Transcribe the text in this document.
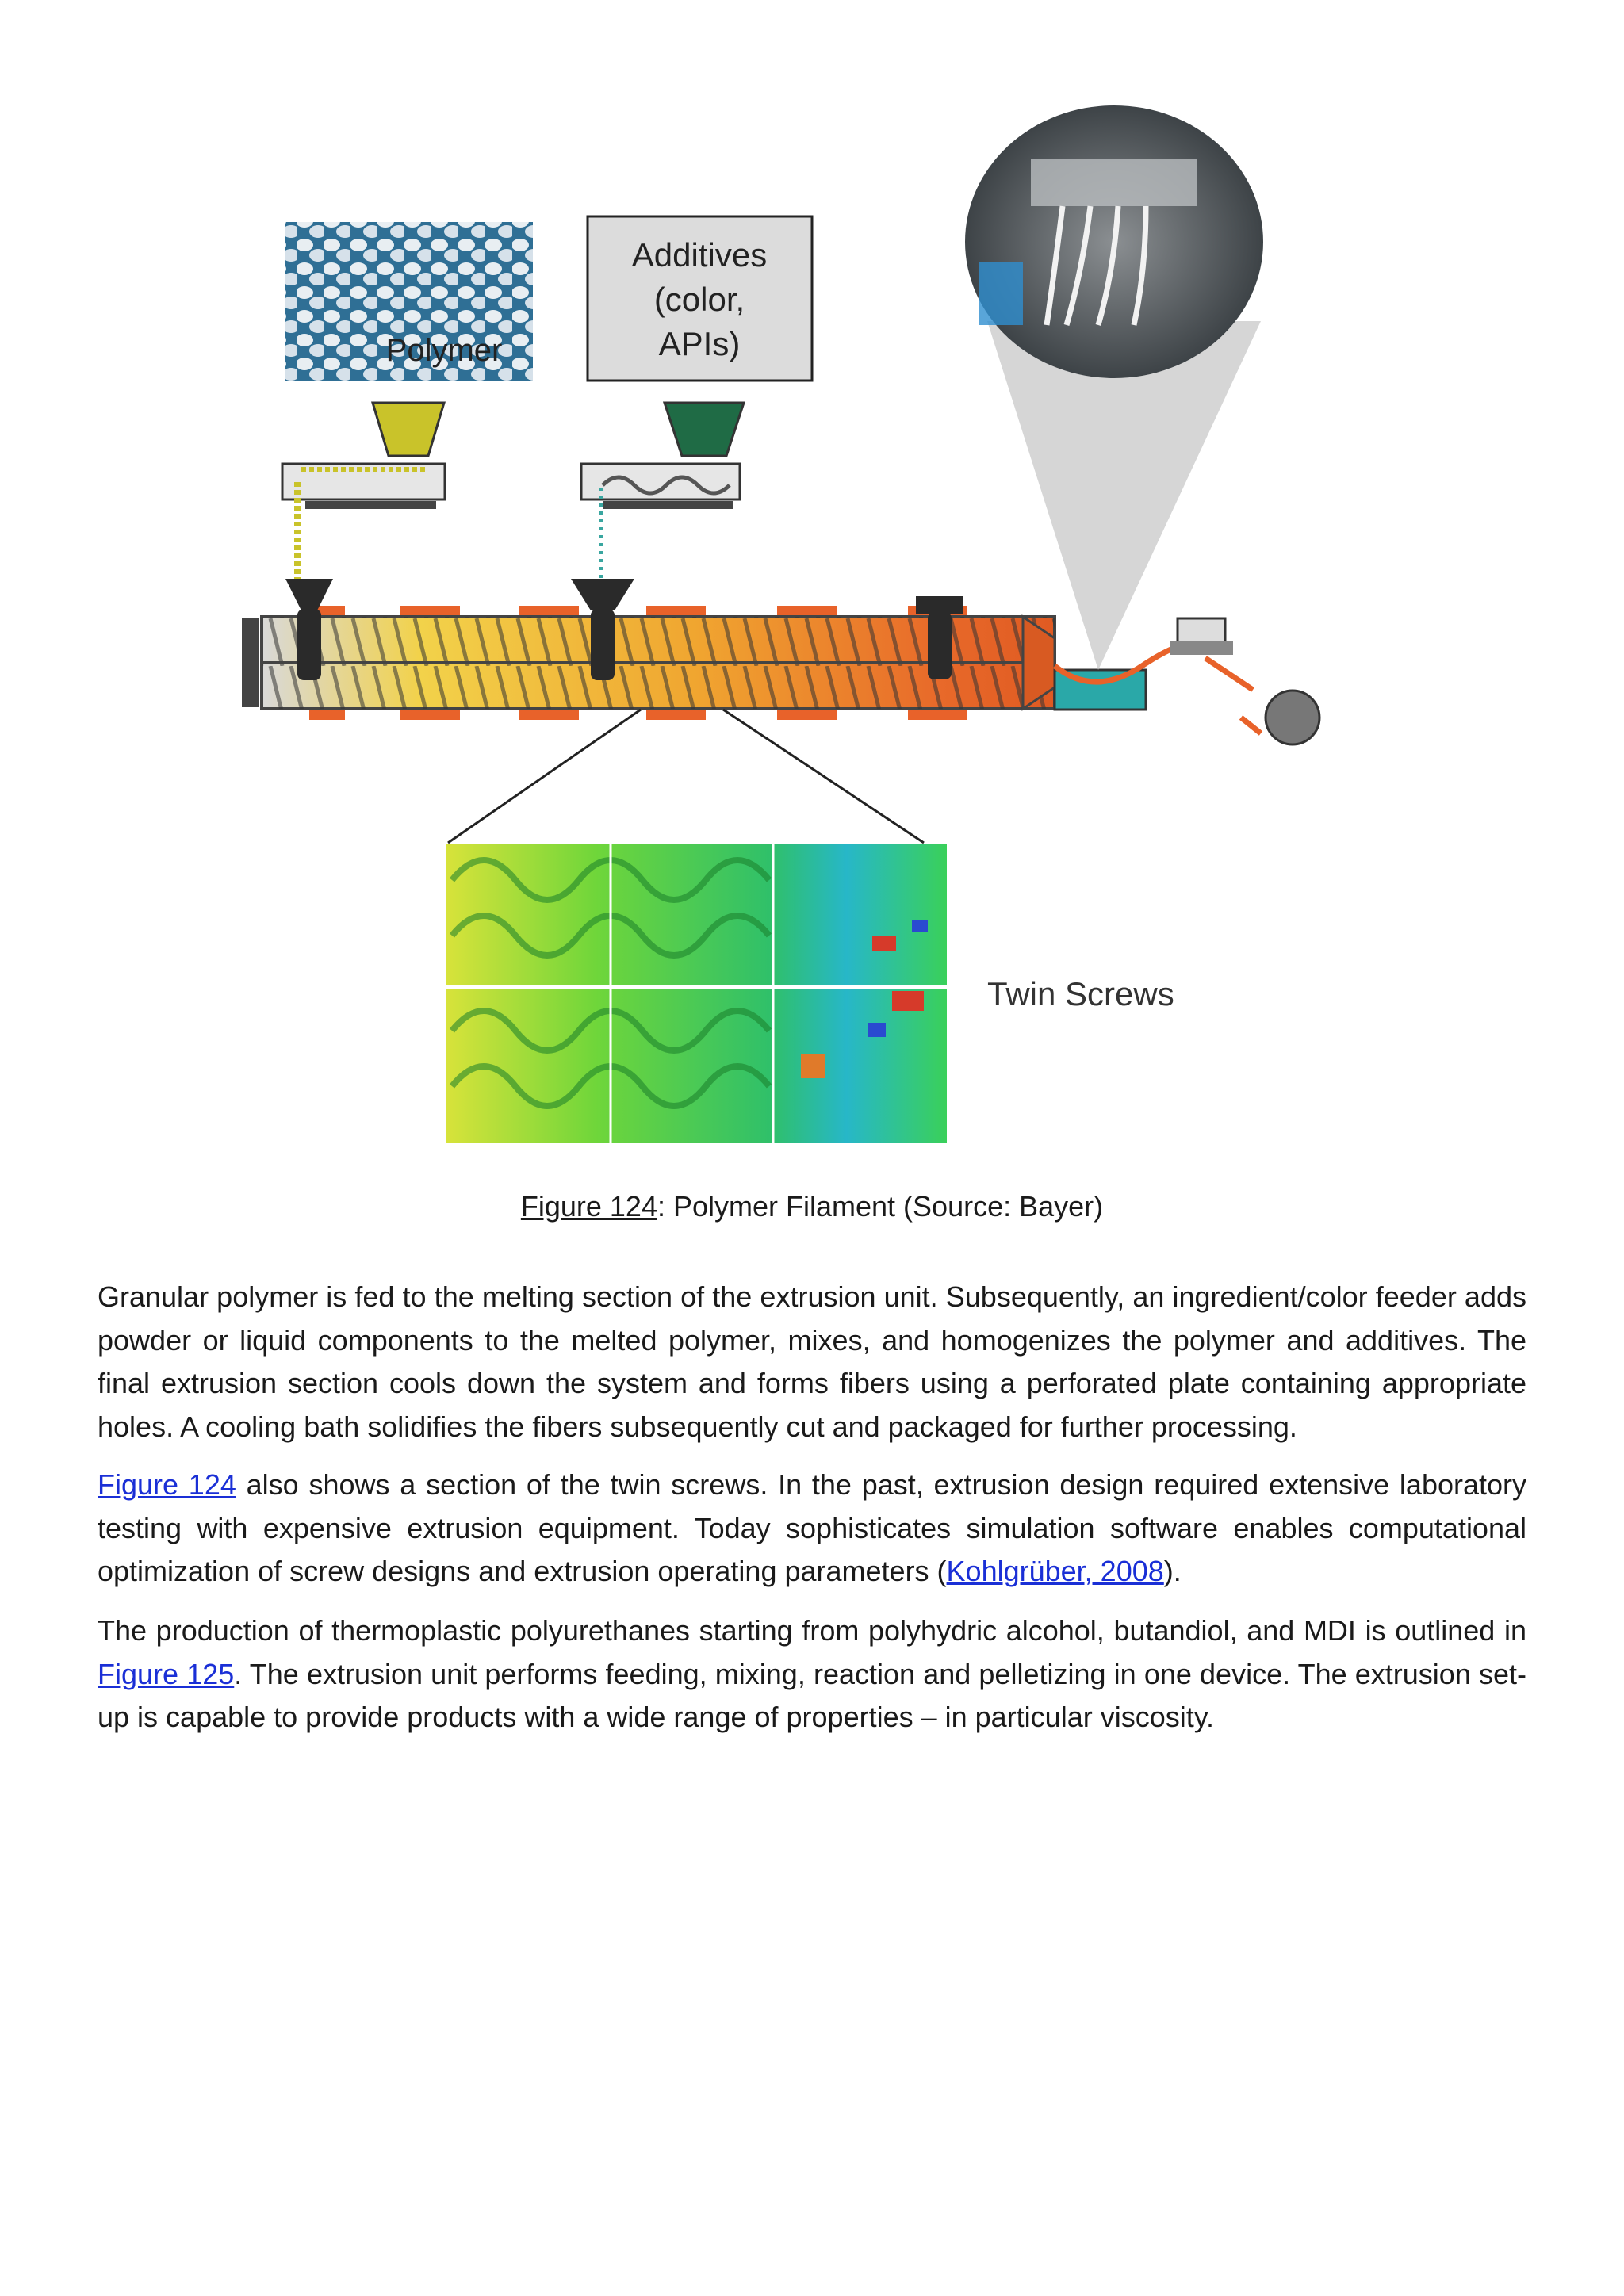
Polymer
Additives
(color,
APIs)
Twin Screws
Figure 124: Polymer Filament (Source: Bayer)

Granular polymer is fed to the melting section of the extrusion unit. Subsequently, an ingredient/color feeder adds powder or liquid components to the melted polymer, mixes, and homogenizes the polymer and additives. The final extrusion section cools down the system and forms fibers using a perforated plate containing appropriate holes. A cooling bath solidifies the fibers subsequently cut and packaged for further processing.

Figure 124 also shows a section of the twin screws. In the past, extrusion design required extensive laboratory testing with expensive extrusion equipment. Today sophisticates simulation software enables computational optimization of screw designs and extrusion operating parameters (Kohlgrüber, 2008).

The production of thermoplastic polyurethanes starting from polyhydric alcohol, butandiol, and MDI is outlined in Figure 125. The extrusion unit performs feeding, mixing, reaction and pelletizing in one device. The extrusion set-up is capable to provide products with a wide range of properties – in particular viscosity.
